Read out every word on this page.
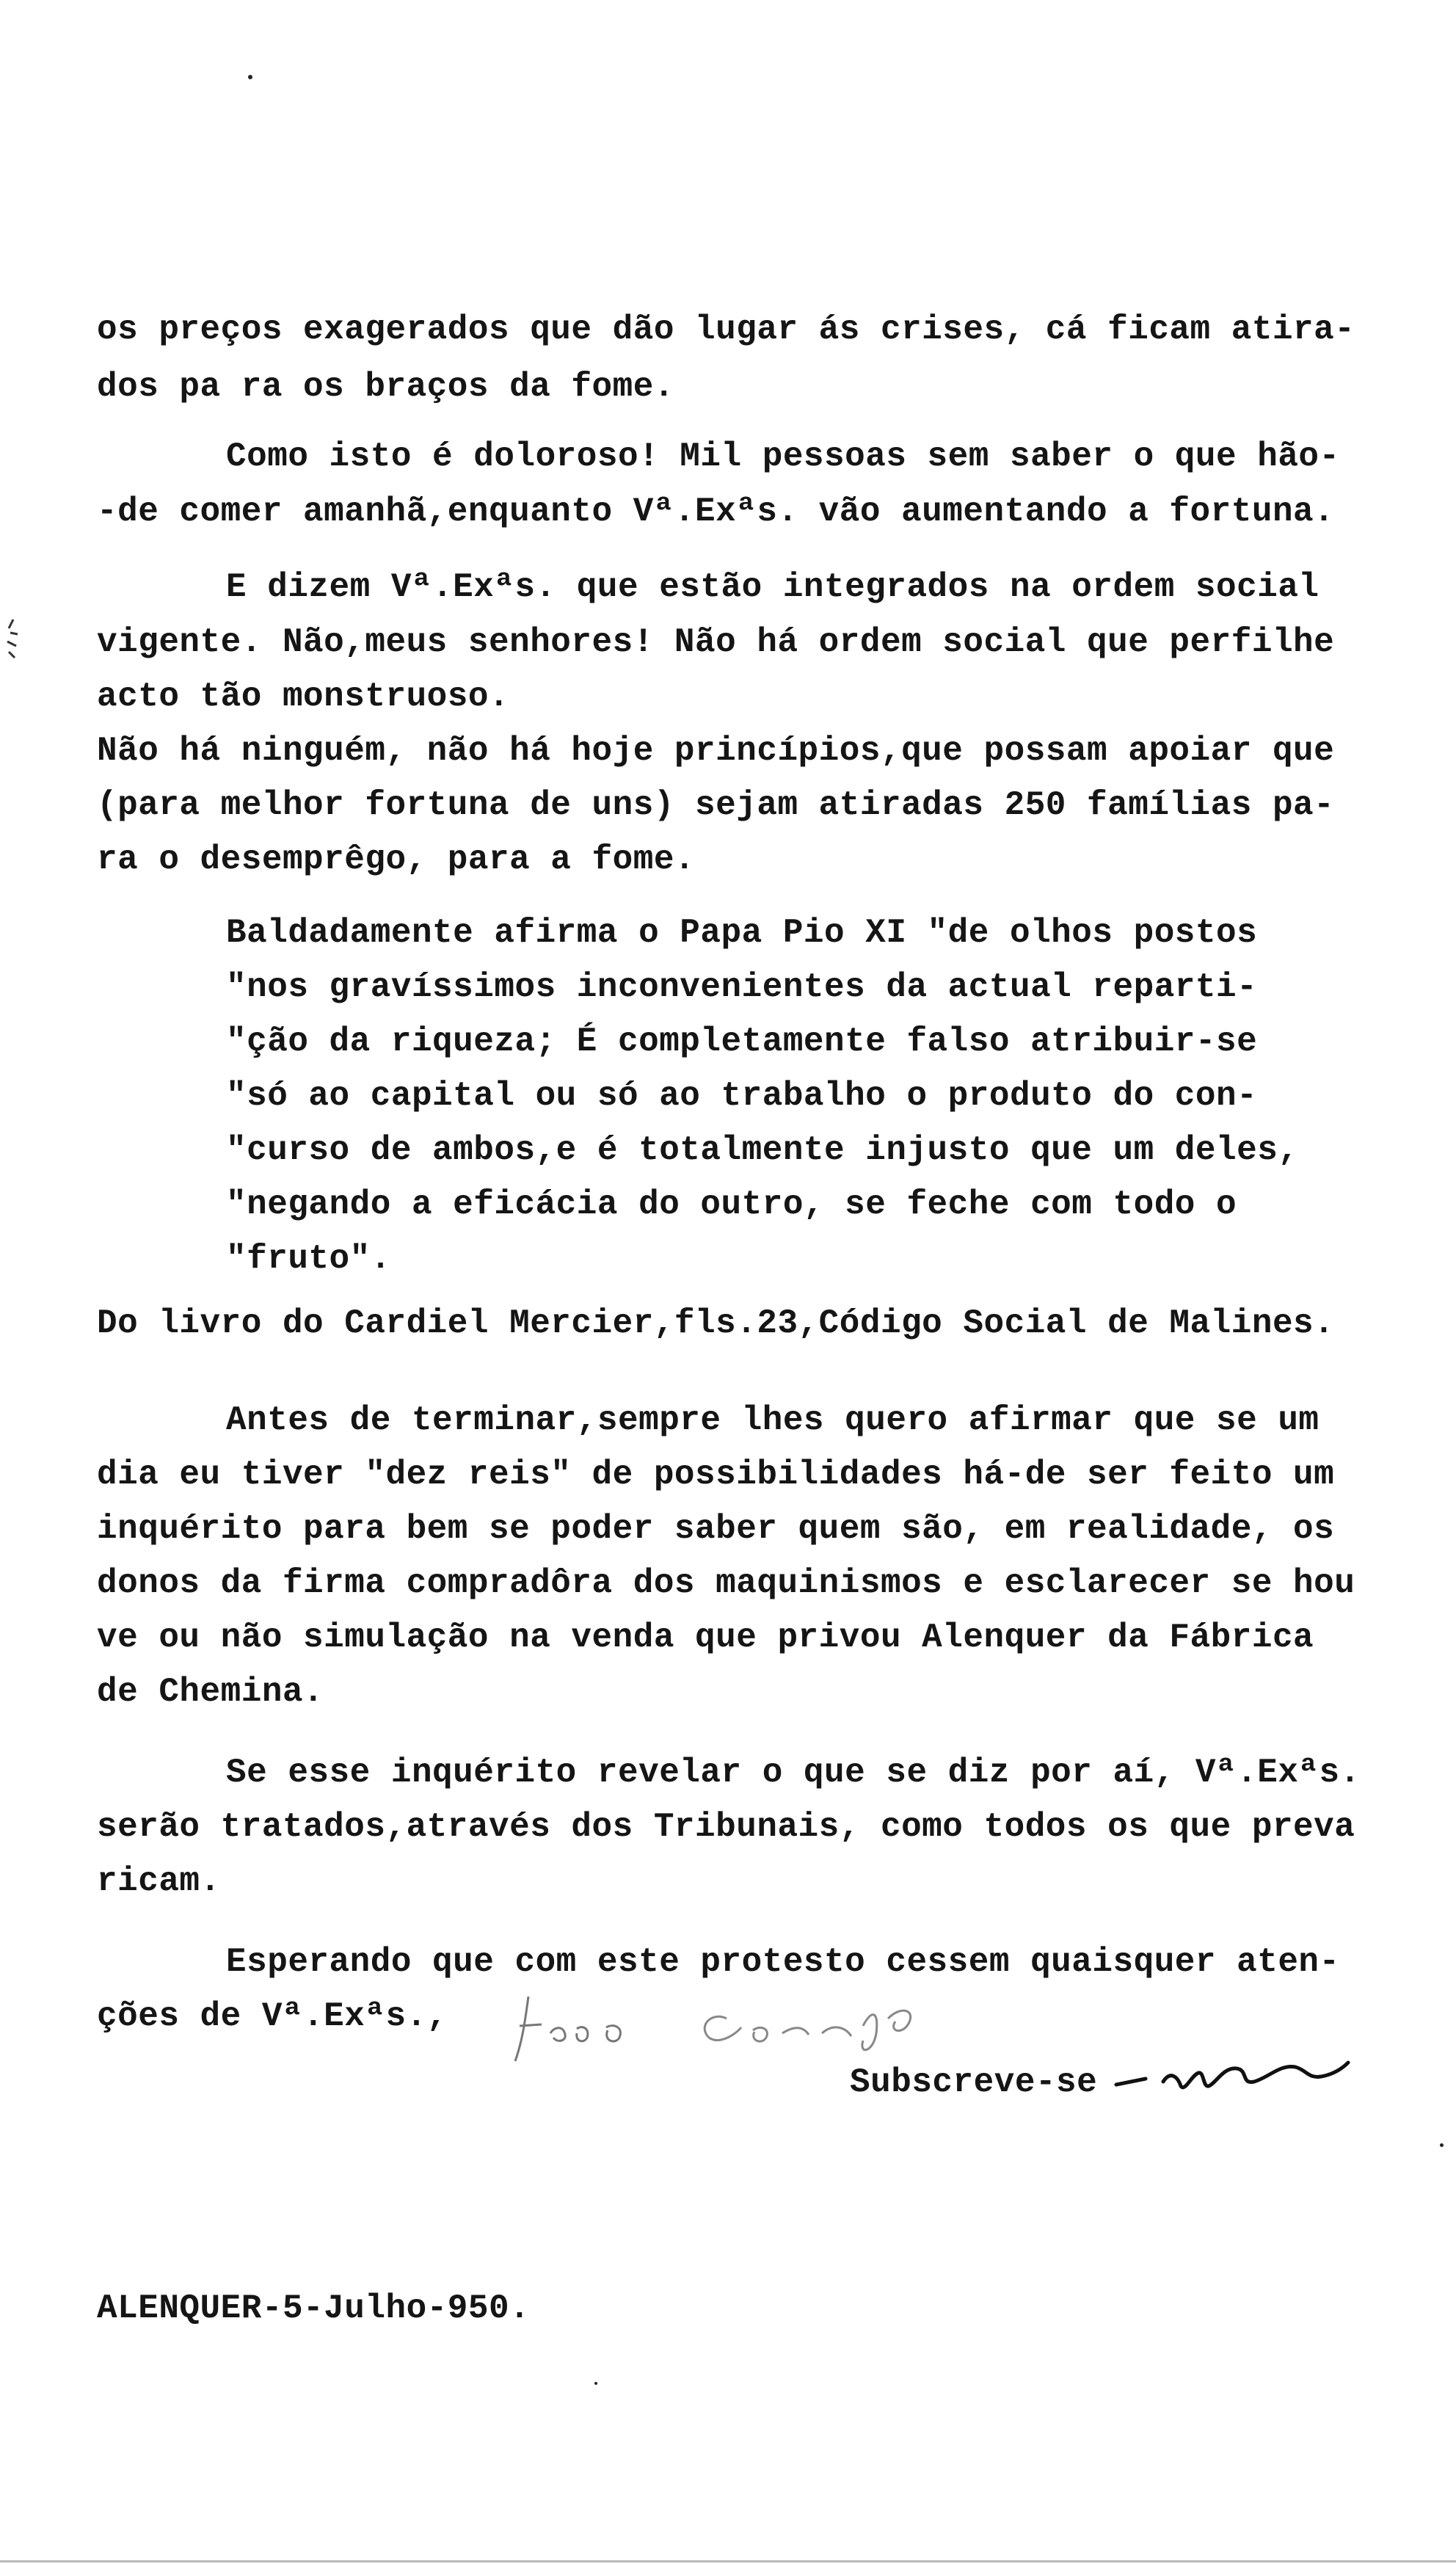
os preços exagerados que dão lugar ás crises, cá ficam atira-
dos pa ra os braços da fome.
Como isto é doloroso! Mil pessoas sem saber o que hão-
-de comer amanhã,enquanto Vª.Exªs. vão aumentando a fortuna.
E dizem Vª.Exªs. que estão integrados na ordem social
vigente. Não,meus senhores! Não há ordem social que perfilhe
acto tão monstruoso.
Não há ninguém, não há hoje princípios,que possam apoiar que
(para melhor fortuna de uns) sejam atiradas 250 famílias pa-
ra o desemprêgo, para a fome.
Baldadamente afirma o Papa Pio XI "de olhos postos
"nos gravíssimos inconvenientes da actual reparti-
"ção da riqueza; É completamente falso atribuir-se
"só ao capital ou só ao trabalho o produto do con-
"curso de ambos,e é totalmente injusto que um deles,
"negando a eficácia do outro, se feche com todo o
"fruto".
Do livro do Cardiel Mercier,fls.23,Código Social de Malines.
Antes de terminar,sempre lhes quero afirmar que se um
dia eu tiver "dez reis" de possibilidades há-de ser feito um
inquérito para bem se poder saber quem são, em realidade, os
donos da firma compradôra dos maquinismos e esclarecer se hou
ve ou não simulação na venda que privou Alenquer da Fábrica
de Chemina.
Se esse inquérito revelar o que se diz por aí, Vª.Exªs.
serão tratados,através dos Tribunais, como todos os que preva
ricam.
Esperando que com este protesto cessem quaisquer aten-
ções de Vª.Exªs.,
Subscreve-se
ALENQUER-5-Julho-950.
